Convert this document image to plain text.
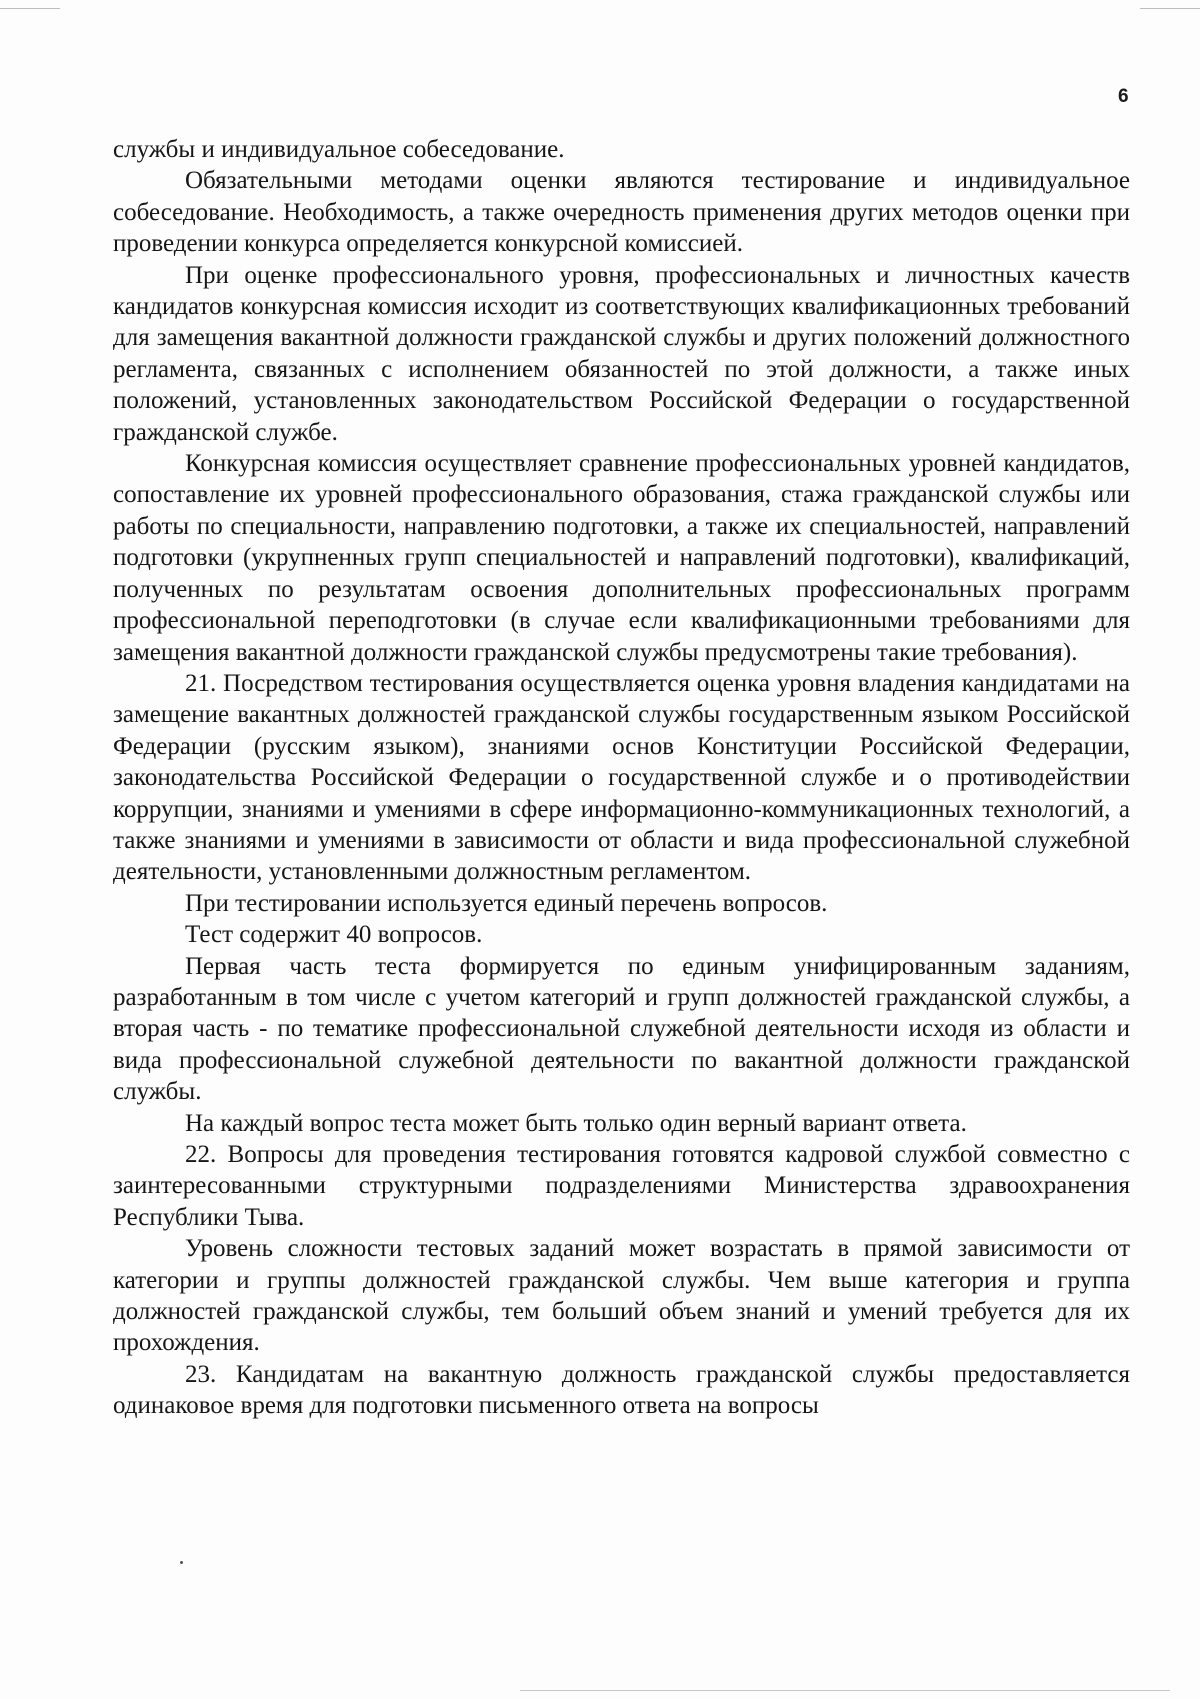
6

службы и индивидуальное собеседование.

Обязательными методами оценки являются тестирование и индивидуальное собеседование. Необходимость, а также очередность применения других методов оценки при проведении конкурса определяется конкурсной комиссией.

При оценке профессионального уровня, профессиональных и личностных качеств кандидатов конкурсная комиссия исходит из соответствующих квалификационных требований для замещения вакантной должности гражданской службы и других положений должностного регламента, связанных с исполнением обязанностей по этой должности, а также иных положений, установленных законодательством Российской Федерации о государственной гражданской службе.

Конкурсная комиссия осуществляет сравнение профессиональных уровней кандидатов, сопоставление их уровней профессионального образования, стажа гражданской службы или работы по специальности, направлению подготовки, а также их специальностей, направлений подготовки (укрупненных групп специальностей и направлений подготовки), квалификаций, полученных по результатам освоения дополнительных профессиональных программ профессиональной переподготовки (в случае если квалификационными требованиями для замещения вакантной должности гражданской службы предусмотрены такие требования).

21. Посредством тестирования осуществляется оценка уровня владения кандидатами на замещение вакантных должностей гражданской службы государственным языком Российской Федерации (русским языком), знаниями основ Конституции Российской Федерации, законодательства Российской Федерации о государственной службе и о противодействии коррупции, знаниями и умениями в сфере информационно-коммуникационных технологий, а также знаниями и умениями в зависимости от области и вида профессиональной служебной деятельности, установленными должностным регламентом.

При тестировании используется единый перечень вопросов.

Тест содержит 40 вопросов.

Первая часть теста формируется по единым унифицированным заданиям, разработанным в том числе с учетом категорий и групп должностей гражданской службы, а вторая часть - по тематике профессиональной служебной деятельности исходя из области и вида профессиональной служебной деятельности по вакантной должности гражданской службы.

На каждый вопрос теста может быть только один верный вариант ответа.

22. Вопросы для проведения тестирования готовятся кадровой службой совместно с заинтересованными структурными подразделениями Министерства здравоохранения Республики Тыва.

Уровень сложности тестовых заданий может возрастать в прямой зависимости от категории и группы должностей гражданской службы. Чем выше категория и группа должностей гражданской службы, тем больший объем знаний и умений требуется для их прохождения.

23. Кандидатам на вакантную должность гражданской службы предоставляется одинаковое время для подготовки письменного ответа на вопросы
